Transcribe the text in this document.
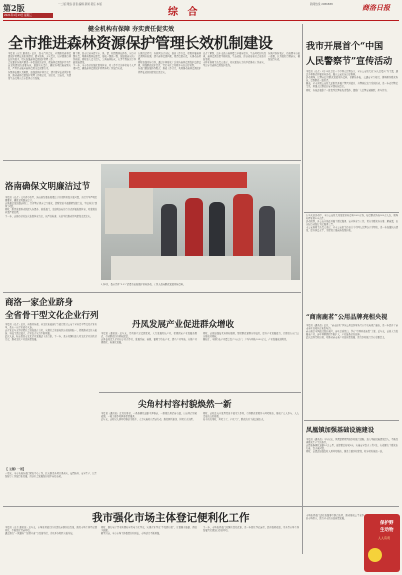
第2版
2021年1月13日 星期三
一二版 网络·读者·编辑 新闻·责任·本版
综 合
新闻热线 2986888	商洛日报
健全机构有保障 夯实责任促实效
全市推进森林资源保护管理长效机制建设
本报讯（记者 通讯员）近日，我市召开会议，全面推进森林资源保护管理长效机制建设，健全机构，夯实责任，以全面推行林长制为抓手，切实加强森林资源保护管理工作。
会议要求各县区要进一步提高政治站位，把森林资源保护作为生态文明建设的重要内容，层层压实责任，确保各项措施落到实处，严厉打击破坏森林资源违法犯罪行为。
各级林长要认真履职，加强巡林护林力度，建立健全长效管护机制，推动森林资源保护管理工作规范化、制度化、常态化，为建设生态文明示范市提供有力保障。
据了解，我市已初步建立市、县、镇、村四级林长体系，实行分级负责，明确各级林长职责，形成一级抓一级、层层抓落实的工作格局。同时加大资金投入，完善森林防火、有害生物防治等基础设施建设。
下一步，全市将持续强化督导检查，对工作不力的单位和个人严肃问责，确保森林资源保护管理各项工作取得实效。
在推进过程中，各县区结合实际，创新工作方法，积极开展森林资源调查监测，建立森林资源档案，摸清资源家底，实现动态管理。
同时加强宣传引导，通过多种形式广泛宣传森林资源保护法律法规，增强群众保护意识，营造全社会共同参与的良好氛围。
各部门要加强协作配合，形成工作合力，共同推动森林资源保护管理长效机制建设走深走实。
记者了解到，近年来我市森林覆盖率稳步提升，生态环境持续改善，森林资源总量不断增加，生态效益、经济效益和社会效益日益显现。
市林业局相关负责人表示，将以更加有力的举措推动工作落实，坚决守住森林资源保护底线。
各县区纷纷表示，将按照全市统一部署，认真抓好贯彻落实，确保取得实效。
我市开展首个“中国
人民警察节”宣传活动
本报讯（记者）1月10日是第一个中国人民警察节，全市公安机关以“向人民报告”为主题，通过多种形式开展宣传活动，展示公安队伍良好形象。
活动现场，民警向过往群众发放宣传资料，讲解防诈骗、交通安全等知识，现场解答群众咨询，受到群众一致好评。
据悉，全市各级公安机关还组织开展了警营开放日、升警旗仪式等系列活动，进一步密切警民关系，增强人民群众的安全感和满意度。
同时，各地还表彰了一批优秀民警和先进集体，激励广大民警忠诚履职、担当作为。
洛南确保文明廉洁过节
本报讯（记者）元旦春节将至，洛南县纪委监委聚焦节日期间易发多发问题，多措并举严明纪律要求，确保文明廉洁过节。
该县通过发送廉洁短信、召开警示教育会等形式，提醒党员干部绷紧纪律之弦，坚决纠治“四风”问题。
同时，组织监督检查组深入各镇办、县直部门，采取明察暗访等方式开展监督检查，对发现的问题严肃处理。
下一步，该县将持续加大监督检查力度，以严的标准、实的举措推动作风建设走深走实。
1月6日，我市召开“3·15”消费者权益保护宣传活动，工作人员向群众发放宣传资料。
在当天的活动中，全市公安机关共发放宣传资料5000余份，接受群众咨询300余人次，现场办理业务100余件。
活动期间，各公安分局还开展了便民服务、安全检查等工作，切实为群众办实事、解难题，以实际行动践行为民服务宗旨。
市公安局相关负责人表示，全市公安机关将以首个中国人民警察节为契机，进一步加强队伍建设，提升执法水平，为建设美丽商洛保驾护航。
“商南鹿茗”公用品牌亮相央视
本报讯（通讯员）近日，“商南鹿茗”区域公用品牌宣传片在中央电视台播出，进一步提升了商南茶叶的知名度和影响力。
商南县是全国最北端的茶区，茶叶品质优良，享有“中国西部茶都”美誉。近年来，该县大力发展茶产业，茶叶种植面积不断扩大，产业链条持续延伸。
此次品牌亮相央视，对推动商南茶产业高质量发展、助力乡村振兴具有重要意义。
凤凰镇加强基础设施建设
本报讯（通讯员）今年以来，凤凰镇紧紧围绕乡村振兴战略，加大基础设施建设投入，不断改善群众生产生活条件。
该镇新修硬化道路10余公里，新建便民桥梁2座，实施安全饮水工程5处，有效解决了群众出行难、饮水难问题。
同时，该镇还加强农村人居环境整治，推进美丽乡村建设，村容村貌焕然一新。
商洛一家企业跻身
全省骨干型文化企业行列
本报讯（记者）近日，省委宣传部、省文化和旅游厅等部门联合公布了全省骨干型文化企业名单，我市一家企业成功入选。
该企业近年来坚持把社会效益放在首位，实现社会效益和经济效益相统一，积极推动文化与旅游、科技等深度融合，企业综合实力不断增强。
此次入选，标志着我市文化企业发展迈上新台阶。下一步，我市将继续加大对文化企业的扶持力度，推动文化产业高质量发展。
丹凤发展产业促进群众增收
本报讯（通讯员）近年来，丹凤县立足资源优势，大力发展特色产业，积极探索产业发展新模式，带动群众持续增收致富。
该县依托龙头企业和专业合作社，发展香菇、核桃、葡萄等特色产业，建立产业基地，实现产业规模化、标准化发展。
同时，该县加强技术培训和服务，帮助群众掌握实用技术，提升产业发展能力，让群众在家门口实现就业增收。
据统计，全县特色产业覆盖农户2万余户，户均年增收5000余元，产业发展成效明显。
尖角村村容村貌焕然一新
本报讯（通讯员）走进尖角村，一条条硬化道路干净整洁，一排排民居错落有致，房前屋后绿树成荫，一幅美丽乡村画卷徐徐展开。
近年来，该村以人居环境整治为抓手，大力实施村庄清洁行动，推进厕所革命、垃圾污水治理。
同时，该村还充分发挥党员干部带头作用，引导群众积极参与环境整治，形成了人人参与、人人受益的良好局面。
如今的尖角村，环境美了，产业兴了，群众的日子越过越红火。
【 主题》一周】
一周来，全市各地各部门紧扣中心工作，扎实推进各项任务落实，疫情防控、安全生产、民生保障等工作取得新进展，经济社会发展保持稳中向好态势。
我市强化市场主体登记便利化工作
本报讯（记者 通讯员）近年来，市场监管部门持续深化商事制度改革，推进市场主体登记便利化，不断优化营商环境。
通过推行“一网通办”“证照分离”等改革举措，企业开办时间大幅压缩。
同时，推行电子营业执照和全程电子化登记，实现企业登记“不见面审批”，让数据多跑路、群众少跑腿。
截至目前，全市市场主体数量持续增长，市场活力不断增强。
下一步，市场监管部门将继续深化改革，进一步简化登记流程，提升服务效能，为各类市场主体发展营造更加良好的环境。
市场监管部门还将加强事中事后监管，推动形成公平竞争的市场秩序，助力全市经济高质量发展。
保护野
生动物
人人有责
